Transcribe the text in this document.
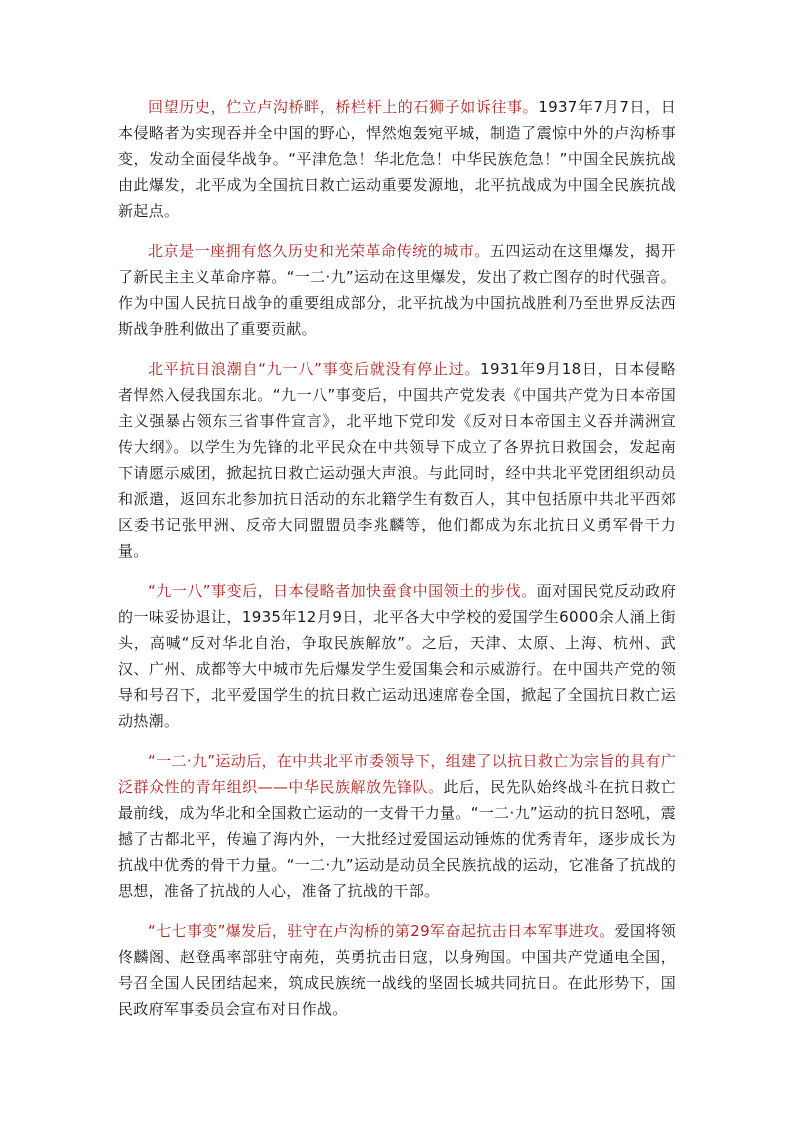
回望历史，伫立卢沟桥畔，桥栏杆上的石狮子如诉往事。1937年7月7日，日本侵略者为实现吞并全中国的野心，悍然炮轰宛平城，制造了震惊中外的卢沟桥事变，发动全面侵华战争。“平津危急！华北危急！中华民族危急！”中国全民族抗战由此爆发，北平成为全国抗日救亡运动重要发源地，北平抗战成为中国全民族抗战新起点。

北京是一座拥有悠久历史和光荣革命传统的城市。五四运动在这里爆发，揭开了新民主主义革命序幕。“一二·九”运动在这里爆发，发出了救亡图存的时代强音。作为中国人民抗日战争的重要组成部分，北平抗战为中国抗战胜利乃至世界反法西斯战争胜利做出了重要贡献。

北平抗日浪潮自“九一八”事变后就没有停止过。1931年9月18日，日本侵略者悍然入侵我国东北。“九一八”事变后，中国共产党发表《中国共产党为日本帝国主义强暴占领东三省事件宣言》，北平地下党印发《反对日本帝国主义吞并满洲宣传大纲》。以学生为先锋的北平民众在中共领导下成立了各界抗日救国会，发起南下请愿示威团，掀起抗日救亡运动强大声浪。与此同时，经中共北平党团组织动员和派遣，返回东北参加抗日活动的东北籍学生有数百人，其中包括原中共北平西郊区委书记张甲洲、反帝大同盟盟员李兆麟等，他们都成为东北抗日义勇军骨干力量。

“九一八”事变后，日本侵略者加快蚕食中国领土的步伐。面对国民党反动政府的一味妥协退让，1935年12月9日，北平各大中学校的爱国学生6000余人涌上街头，高喊“反对华北自治，争取民族解放”。之后，天津、太原、上海、杭州、武汉、广州、成都等大中城市先后爆发学生爱国集会和示威游行。在中国共产党的领导和号召下，北平爱国学生的抗日救亡运动迅速席卷全国，掀起了全国抗日救亡运动热潮。

“一二·九”运动后，在中共北平市委领导下，组建了以抗日救亡为宗旨的具有广泛群众性的青年组织——中华民族解放先锋队。此后，民先队始终战斗在抗日救亡最前线，成为华北和全国救亡运动的一支骨干力量。“一二·九”运动的抗日怒吼，震撼了古都北平，传遍了海内外，一大批经过爱国运动锤炼的优秀青年，逐步成长为抗战中优秀的骨干力量。“一二·九”运动是动员全民族抗战的运动，它准备了抗战的思想，准备了抗战的人心，准备了抗战的干部。

“七七事变”爆发后，驻守在卢沟桥的第29军奋起抗击日本军事进攻。爱国将领佟麟阁、赵登禹率部驻守南苑，英勇抗击日寇，以身殉国。中国共产党通电全国，号召全国人民团结起来，筑成民族统一战线的坚固长城共同抗日。在此形势下，国民政府军事委员会宣布对日作战。
